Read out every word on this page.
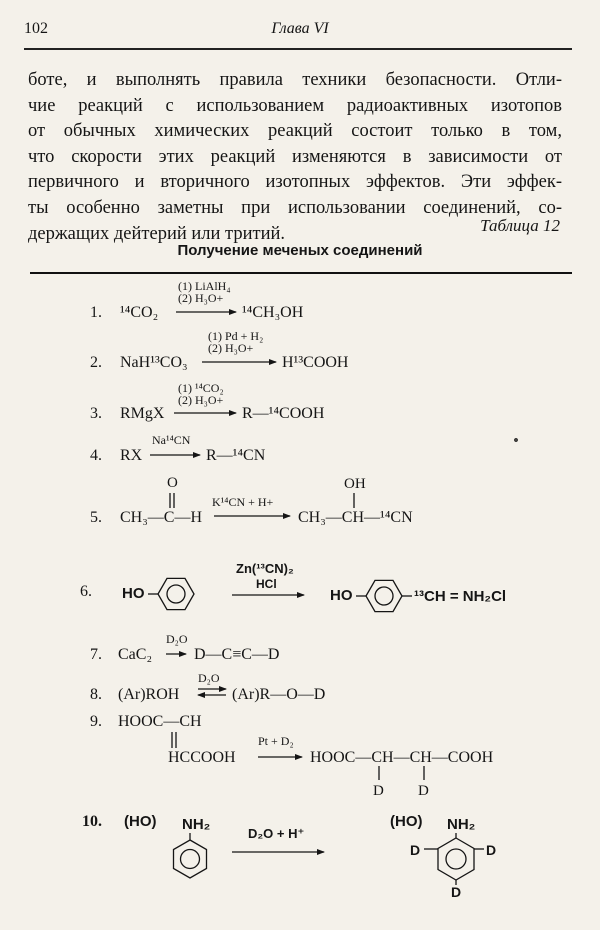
102	Глава VI
боте, и выполнять правила техники безопасности. Отли-
чие реакций с использованием радиоактивных изотопов
от обычных химических реакций состоит только в том,
что скорости этих реакций изменяются в зависимости от
первичного и вторичного изотопных эффектов. Эти эффек-
ты особенно заметны при использовании соединений, со-
держащих дейтерий или тритий.	Таблица 12
Получение меченых соединений
1. ¹⁴CO₂
(1) LiAlH₄
(2) H₃O+
¹⁴CH₃OH
2. NaH¹³CO₃
(1) Pd + H₂
(2) H₃O+
H¹³COOH
3. RMgX
(1) ¹⁴CO₂
(2) H₃O+
R—¹⁴COOH
4. RX
Na¹⁴CN
R—¹⁴CN
5.
O
CH₃—C—H
K¹⁴CN + H+
OH
CH₃—CH—¹⁴CN
6. HO
Zn(¹³CN)₂
HCl
HO	¹³CH = NH₂Cl
7. CaC₂
D₂O
D—C≡C—D
8. (Ar)ROH
D₂O
(Ar)R—O—D
9. HOOC—CH
HCCOOH
Pt + D₂
HOOC—CH—CH—COOH
D D
10. (HO) NH₂
D₂O + H⁺
(HO) NH₂
D	D
D
